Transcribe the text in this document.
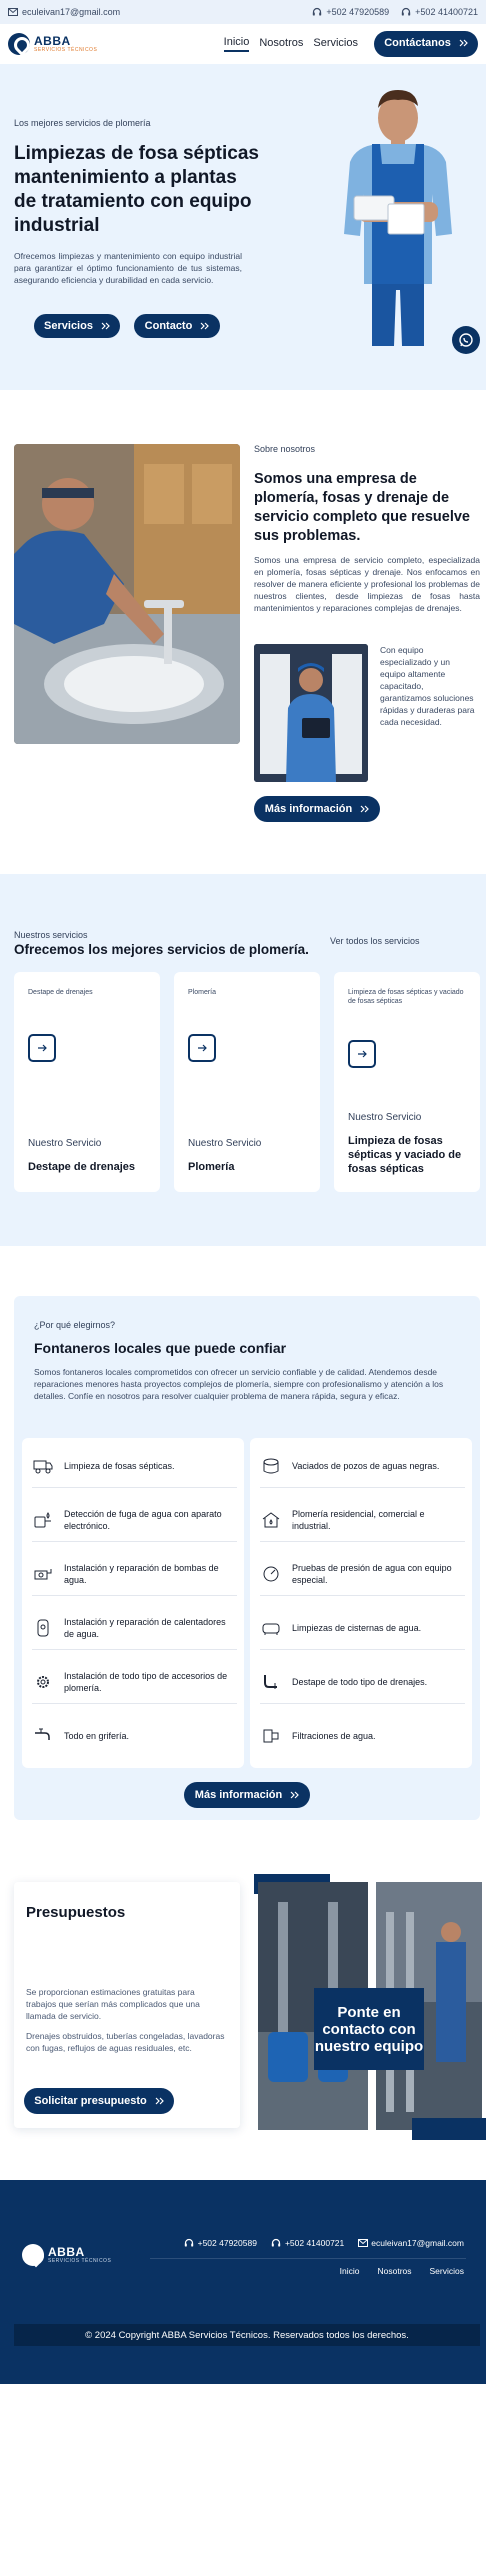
eculeivan17@gmail.com	+502 47920589	+502 41400721
ABBA
SERVICIOS TÉCNICOS
Inicio Nosotros Servicios Contáctanos
Los mejores servicios de plomería
Limpiezas de fosa sépticas mantenimiento a plantas de tratamiento con equipo industrial

Ofrecemos limpiezas y mantenimiento con equipo industrial para garantizar el óptimo funcionamiento de tus sistemas, asegurando eficiencia y durabilidad en cada servicio.

Servicios	Contacto
Sobre nosotros
Somos una empresa de plomería, fosas y drenaje de servicio completo que resuelve sus problemas.

Somos una empresa de servicio completo, especializada en plomería, fosas sépticas y drenaje. Nos enfocamos en resolver de manera eficiente y profesional los problemas de nuestros clientes, desde limpiezas de fosas hasta mantenimientos y reparaciones complejas de drenajes.

Con equipo especializado y un equipo altamente capacitado, garantizamos soluciones rápidas y duraderas para cada necesidad.

Más información
Nuestros servicios
Ofrecemos los mejores servicios de plomería.
Ver todos los servicios
Destape de drenajes
Nuestro Servicio
Destape de drenajes
Plomería
Nuestro Servicio
Plomería
Limpieza de fosas sépticas y vaciado de fosas sépticas
Nuestro Servicio
Limpieza de fosas sépticas y vaciado de fosas sépticas
¿Por qué elegirnos?
Fontaneros locales que puede confiar

Somos fontaneros locales comprometidos con ofrecer un servicio confiable y de calidad. Atendemos desde reparaciones menores hasta proyectos complejos de plomería, siempre con profesionalismo y atención a los detalles. Confíe en nosotros para resolver cualquier problema de manera rápida, segura y eficaz.

Limpieza de fosas sépticas.
Detección de fuga de agua con aparato electrónico.
Instalación y reparación de bombas de agua.
Instalación y reparación de calentadores de agua.
Instalación de todo tipo de accesorios de plomería.
Todo en grifería.
Vaciados de pozos de aguas negras.
Plomería residencial, comercial e industrial.
Pruebas de presión de agua con equipo especial.
Limpiezas de cisternas de agua.
Destape de todo tipo de drenajes.
Filtraciones de agua.
Más información
Ponte en contacto con nuestro equipo
Presupuestos

Se proporcionan estimaciones gratuitas para trabajos que serían más complicados que una llamada de servicio.

Drenajes obstruidos, tuberías congeladas, lavadoras con fugas, reflujos de aguas residuales, etc.

Solicitar presupuesto
ABBA
SERVICIOS TÉCNICOS
+502 47920589	+502 41400721	eculeivan17@gmail.com
Inicio Nosotros Servicios
© 2024 Copyright ABBA Servicios Técnicos. Reservados todos los derechos.
